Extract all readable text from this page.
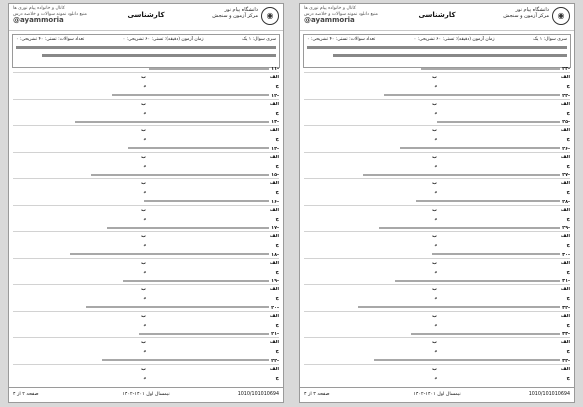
◉
دانشگاه پیام نور
مرکز آزمون و سنجش
كارشناسی
کانال و خانواده پیام نوری ها
منبع دانلود نمونه سوالات و خلاصه درس
@ayammoria
سری سوال: ۱ یک
زمان آزمون (دقیقه): تستی: ۶۰ تشریحی: ۰
تعداد سوالات: تستی: ۴۰ تشریحی: ۰
-۱۱
الف
ب
ج
د
-۱۲
الف
ب
ج
د
-۱۳
الف
ب
ج
د
-۱۴
الف
ب
ج
د
-۱۵
الف
ب
ج
د
-۱۶
الف
ب
ج
د
-۱۷
الف
ب
ج
د
-۱۸
الف
ب
ج
د
-۱۹
الف
ب
ج
د
-۲۰
الف
ب
ج
د
-۲۱
الف
ب
ج
د
-۲۲
الف
ب
ج
د
صفحه ۲ از ۴	نیمسال اول ۱۴۰۱-۱۴۰۲	1010/101010694
◉
دانشگاه پیام نور
مرکز آزمون و سنجش
كارشناسی
کانال و خانواده پیام نوری ها
منبع دانلود نمونه سوالات و خلاصه درس
@ayammoria
سری سوال: ۱ یک
زمان آزمون (دقیقه): تستی: ۶۰ تشریحی: ۰
تعداد سوالات: تستی: ۴۰ تشریحی: ۰
-۲۳
الف
ب
ج
د
-۲۴
الف
ب
ج
د
-۲۵
الف
ب
ج
د
-۲۶
الف
ب
ج
د
-۲۷
الف
ب
ج
د
-۲۸
الف
ب
ج
د
-۲۹
الف
ب
ج
د
-۳۰
الف
ب
ج
د
-۳۱
الف
ب
ج
د
-۳۲
الف
ب
ج
د
-۳۳
الف
ب
ج
د
-۳۴
الف
ب
ج
د
صفحه ۳ از ۴	نیمسال اول ۱۴۰۱-۱۴۰۲	1010/101010694
